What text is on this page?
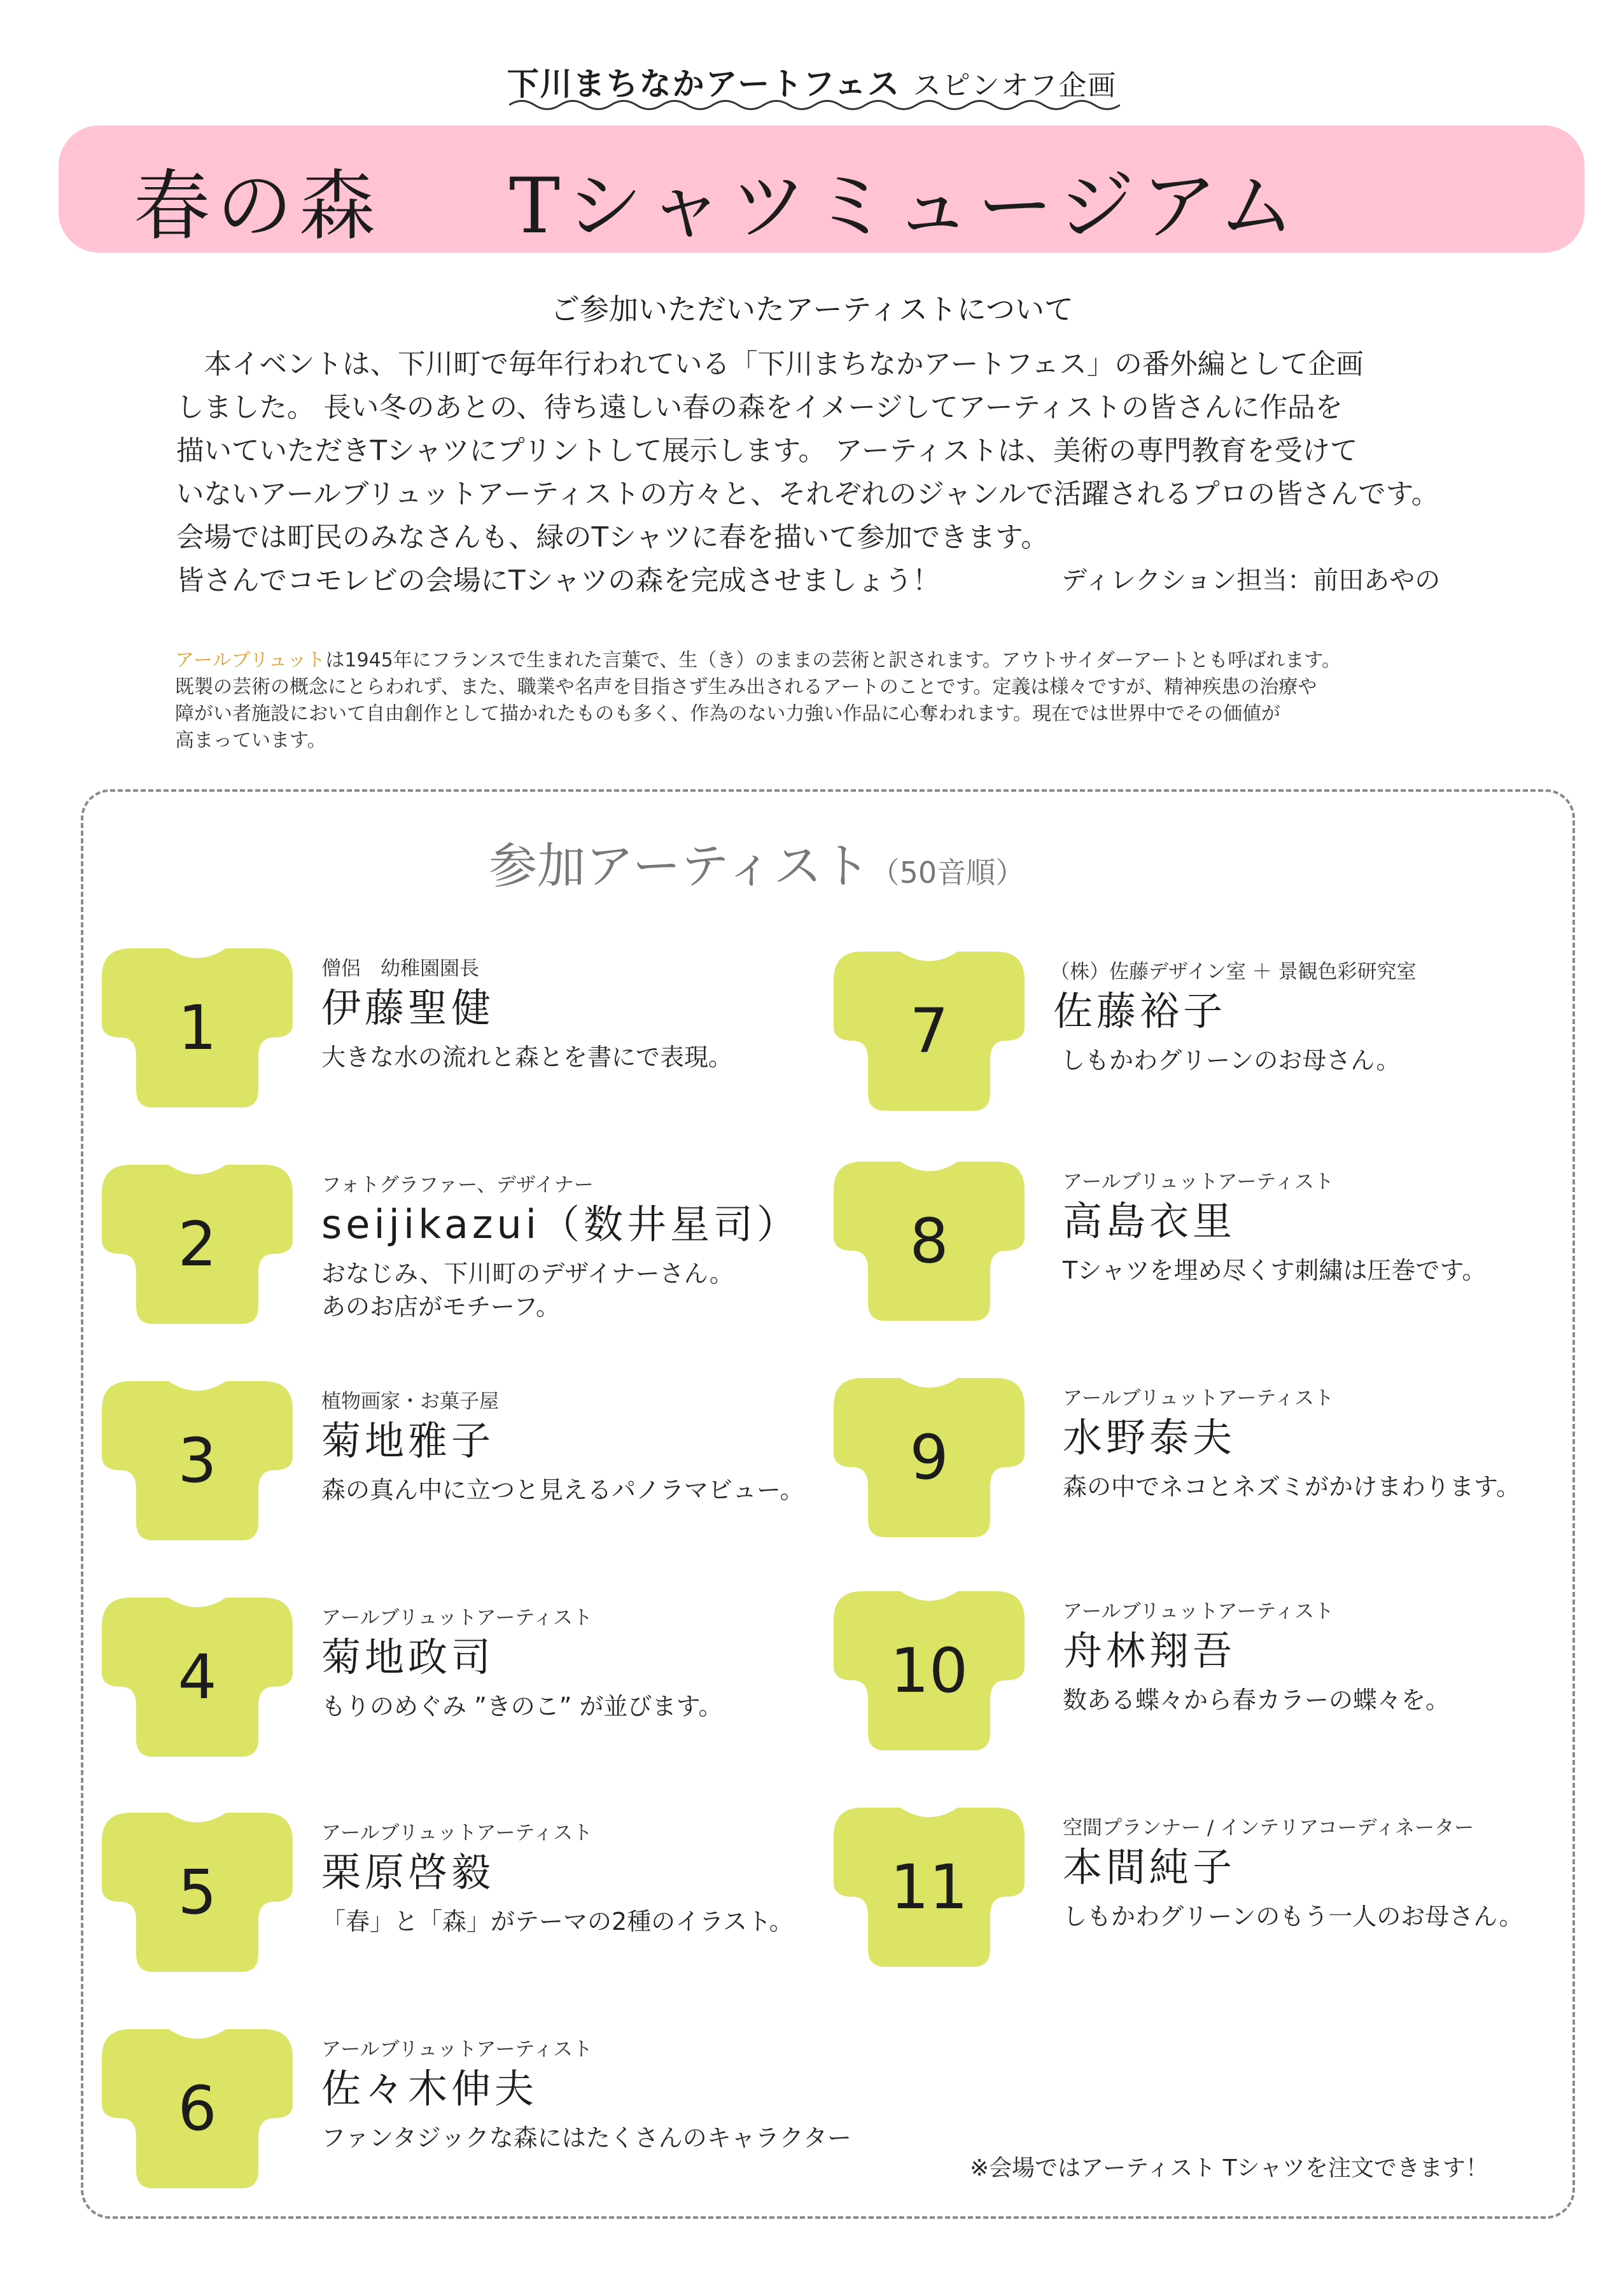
下川まちなかアートフェス スピンオフ企画
春の森 Tシャツミュージアム
ご参加いただいたアーティストについて
　本イベントは、下川町で毎年行われている「下川まちなかアートフェス」の番外編として企画
しました。 長い冬のあとの、待ち遠しい春の森をイメージしてアーティストの皆さんに作品を
描いていただきTシャツにプリントして展示します。 アーティストは、美術の専門教育を受けて
いないアールブリュットアーティストの方々と、それぞれのジャンルで活躍されるプロの皆さんです。
会場では町民のみなさんも、緑のTシャツに春を描いて参加できます。
皆さんでコモレビの会場にTシャツの森を完成させましょう！	ディレクション担当：前田あやの
アールブリュットは1945年にフランスで生まれた言葉で、生（き）のままの芸術と訳されます。アウトサイダーアートとも呼ばれます。
既製の芸術の概念にとらわれず、また、職業や名声を目指さず生み出されるアートのことです。定義は様々ですが、精神疾患の治療や
障がい者施設において自由創作として描かれたものも多く、作為のない力強い作品に心奪われます。現在では世界中でその価値が
高まっています。
参加アーティスト（50音順）
1
僧侶　幼稚園園長
伊藤聖健
大きな水の流れと森とを書にで表現。
2
フォトグラファー、デザイナー
seijikazui（数井星司）
おなじみ、下川町のデザイナーさん。
あのお店がモチーフ。
3
植物画家・お菓子屋
菊地雅子
森の真ん中に立つと見えるパノラマビュー。
4
アールブリュットアーティスト
菊地政司
もりのめぐみ ”きのこ” が並びます。
5
アールブリュットアーティスト
栗原啓毅
「春」と「森」がテーマの2種のイラスト。
6
アールブリュットアーティスト
佐々木伸夫
ファンタジックな森にはたくさんのキャラクター
7
（株）佐藤デザイン室 ＋ 景観色彩研究室
佐藤裕子
しもかわグリーンのお母さん。
8
アールブリュットアーティスト
高島衣里
Tシャツを埋め尽くす刺繍は圧巻です。
9
アールブリュットアーティスト
水野泰夫
森の中でネコとネズミがかけまわります。
10
アールブリュットアーティスト
舟林翔吾
数ある蝶々から春カラーの蝶々を。
11
空間プランナー / インテリアコーディネーター
本間純子
しもかわグリーンのもう一人のお母さん。
※会場ではアーティスト Tシャツを注文できます！
